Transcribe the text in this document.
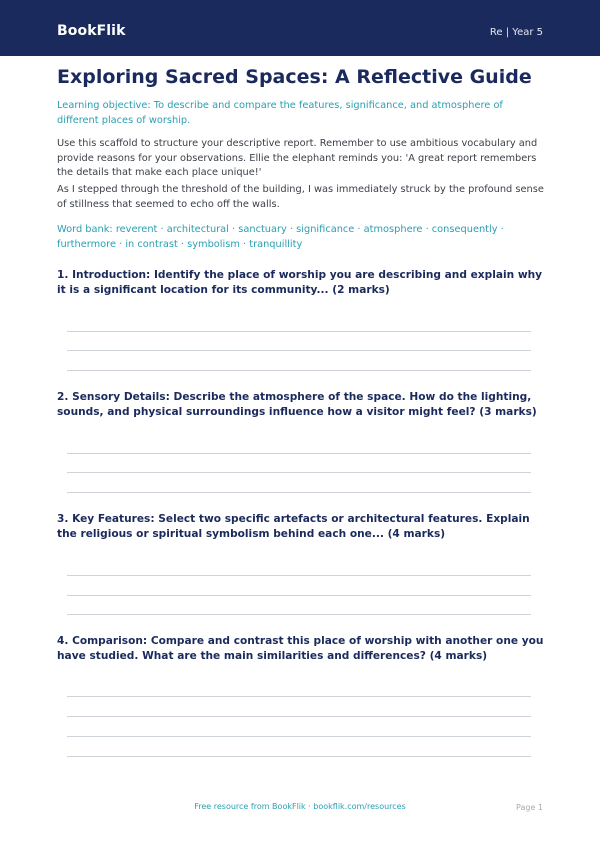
BookFlik	Re | Year 5
Exploring Sacred Spaces: A Reflective Guide

Learning objective: To describe and compare the features, significance, and atmosphere of different places of worship.

Use this scaffold to structure your descriptive report. Remember to use ambitious vocabulary and provide reasons for your observations. Ellie the elephant reminds you: 'A great report remembers the details that make each place unique!'

As I stepped through the threshold of the building, I was immediately struck by the profound sense of stillness that seemed to echo off the walls.

Word bank: reverent · architectural · sanctuary · significance · atmosphere · consequently · furthermore · in contrast · symbolism · tranquillity

1. Introduction: Identify the place of worship you are describing and explain why it is a significant location for its community... (2 marks)

2. Sensory Details: Describe the atmosphere of the space. How do the lighting, sounds, and physical surroundings influence how a visitor might feel? (3 marks)

3. Key Features: Select two specific artefacts or architectural features. Explain the religious or spiritual symbolism behind each one... (4 marks)

4. Comparison: Compare and contrast this place of worship with another one you have studied. What are the main similarities and differences? (4 marks)

Free resource from BookFlik · bookflik.com/resources	Page 1
